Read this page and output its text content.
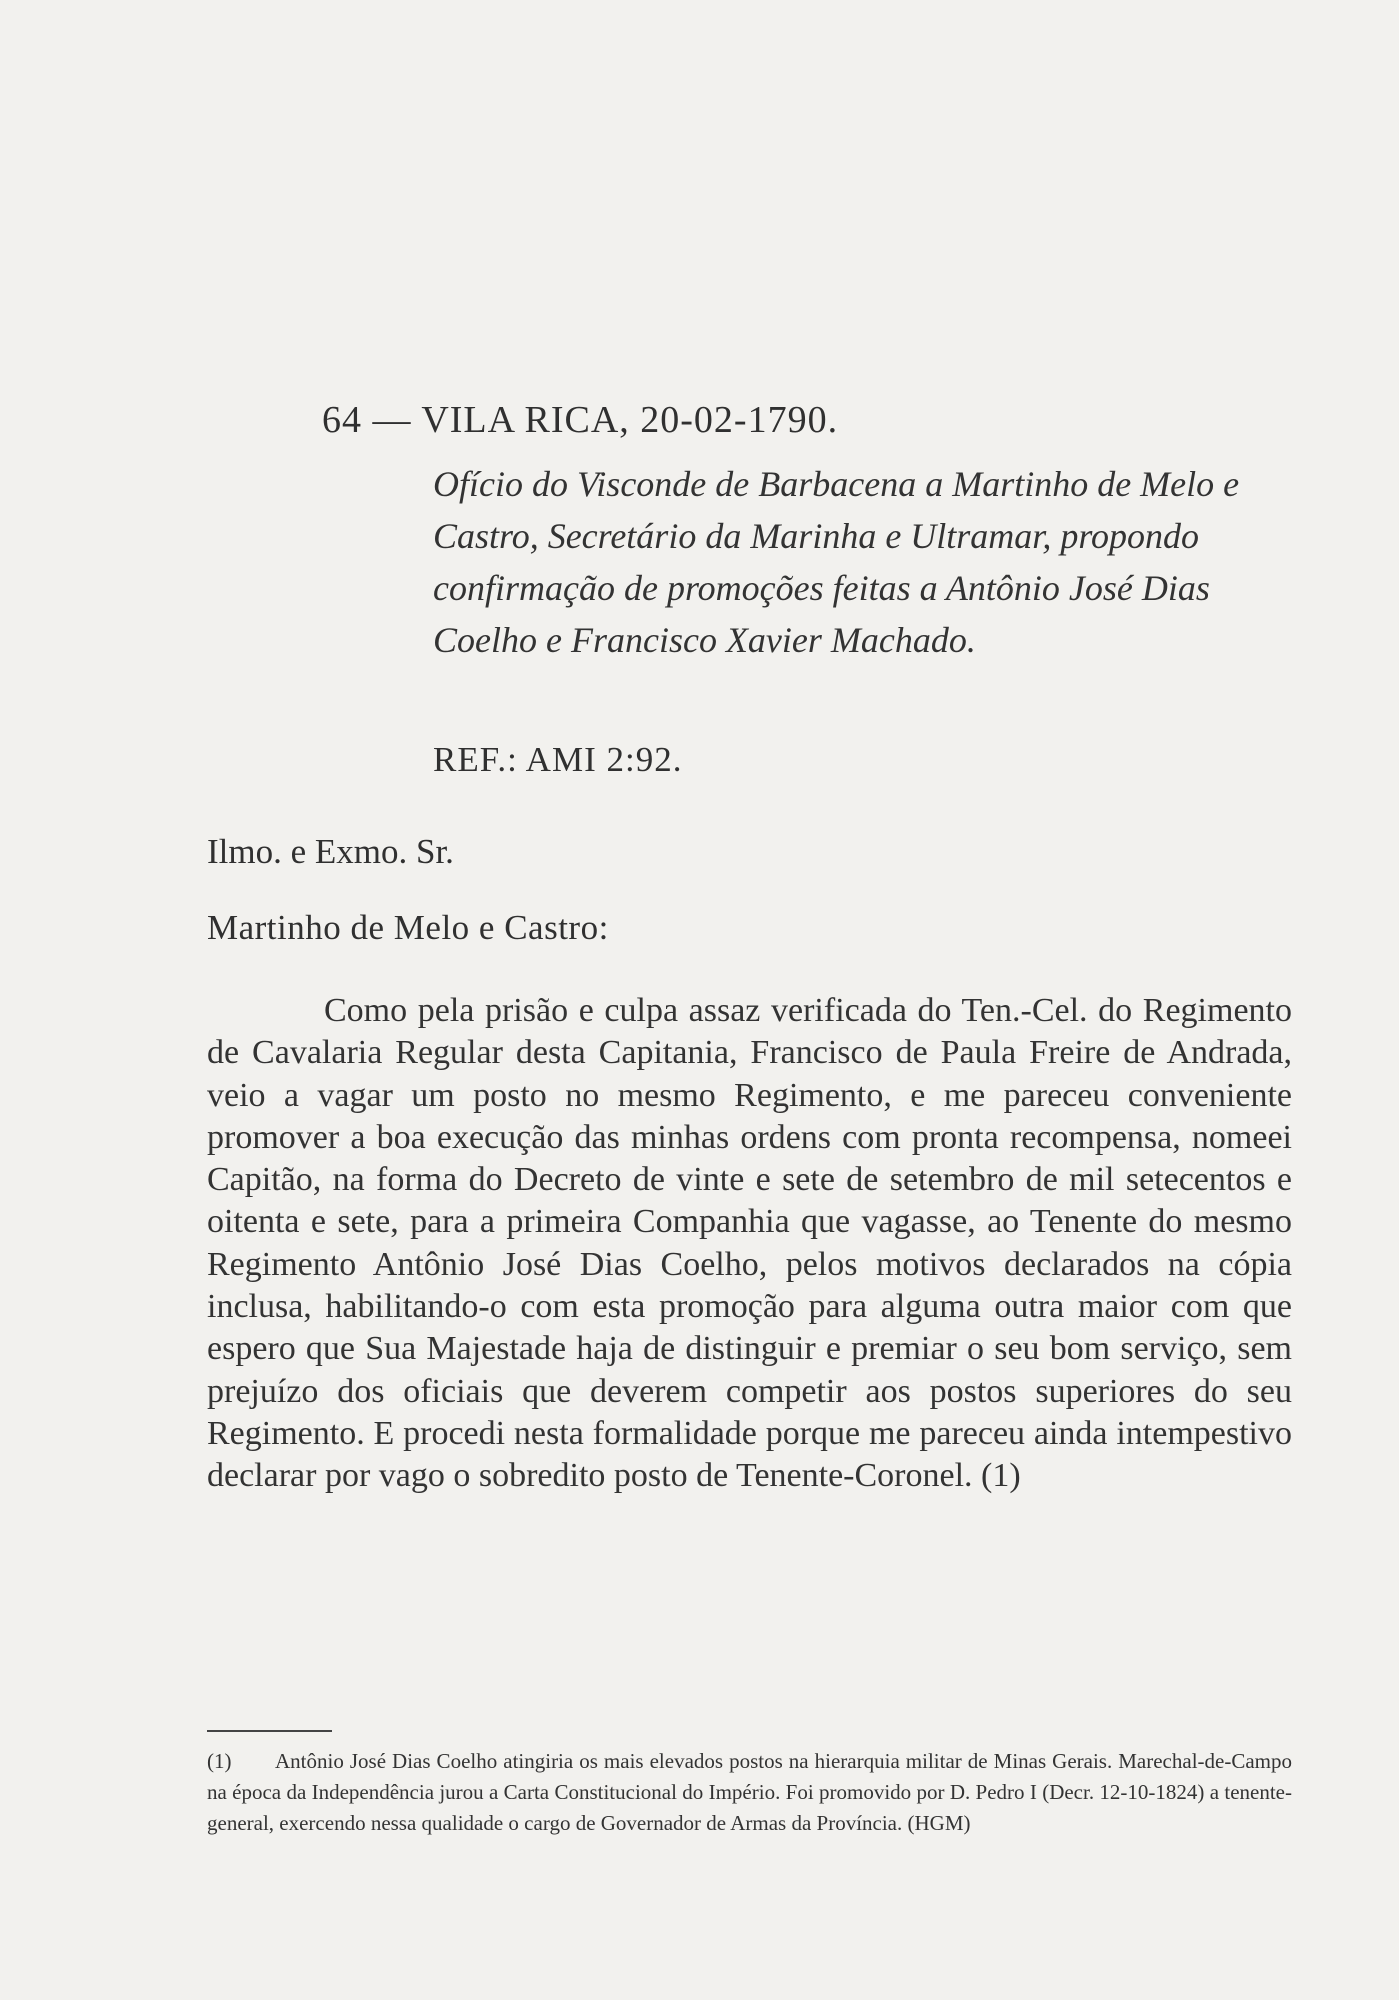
64 — VILA RICA, 20-02-1790.
Ofício do Visconde de Barbacena a Martinho de Melo e Castro, Secretário da Marinha e Ultramar, propondo confirmação de promoções feitas a Antônio José Dias Coelho e Francisco Xavier Machado.
REF.: AMI 2:92.
Ilmo. e Exmo. Sr.
Martinho de Melo e Castro:

Como pela prisão e culpa assaz verificada do Ten.-Cel. do Regimento de Cavalaria Regular desta Capitania, Francisco de Paula Freire de Andrada, veio a vagar um posto no mesmo Regimento, e me pareceu conveniente promover a boa execução das minhas ordens com pronta recompensa, nomeei Capitão, na forma do Decreto de vinte e sete de setembro de mil setecentos e oitenta e sete, para a primeira Companhia que vagasse, ao Tenente do mesmo Regimento Antônio José Dias Coelho, pelos motivos declarados na cópia inclusa, habilitando-o com esta promoção para alguma outra maior com que espero que Sua Majestade haja de distinguir e premiar o seu bom serviço, sem prejuízo dos oficiais que deverem competir aos postos superiores do seu Regimento. E procedi nesta formalidade porque me pareceu ainda intempestivo declarar por vago o sobredito posto de Tenente-Coronel. (1)

(1) Antônio José Dias Coelho atingiria os mais elevados postos na hierarquia militar de Minas Gerais. Marechal-de-Campo na época da Independência jurou a Carta Constitucional do Império. Foi promovido por D. Pedro I (Decr. 12-10-1824) a tenente-general, exercendo nessa qualidade o cargo de Governador de Armas da Província. (HGM)
